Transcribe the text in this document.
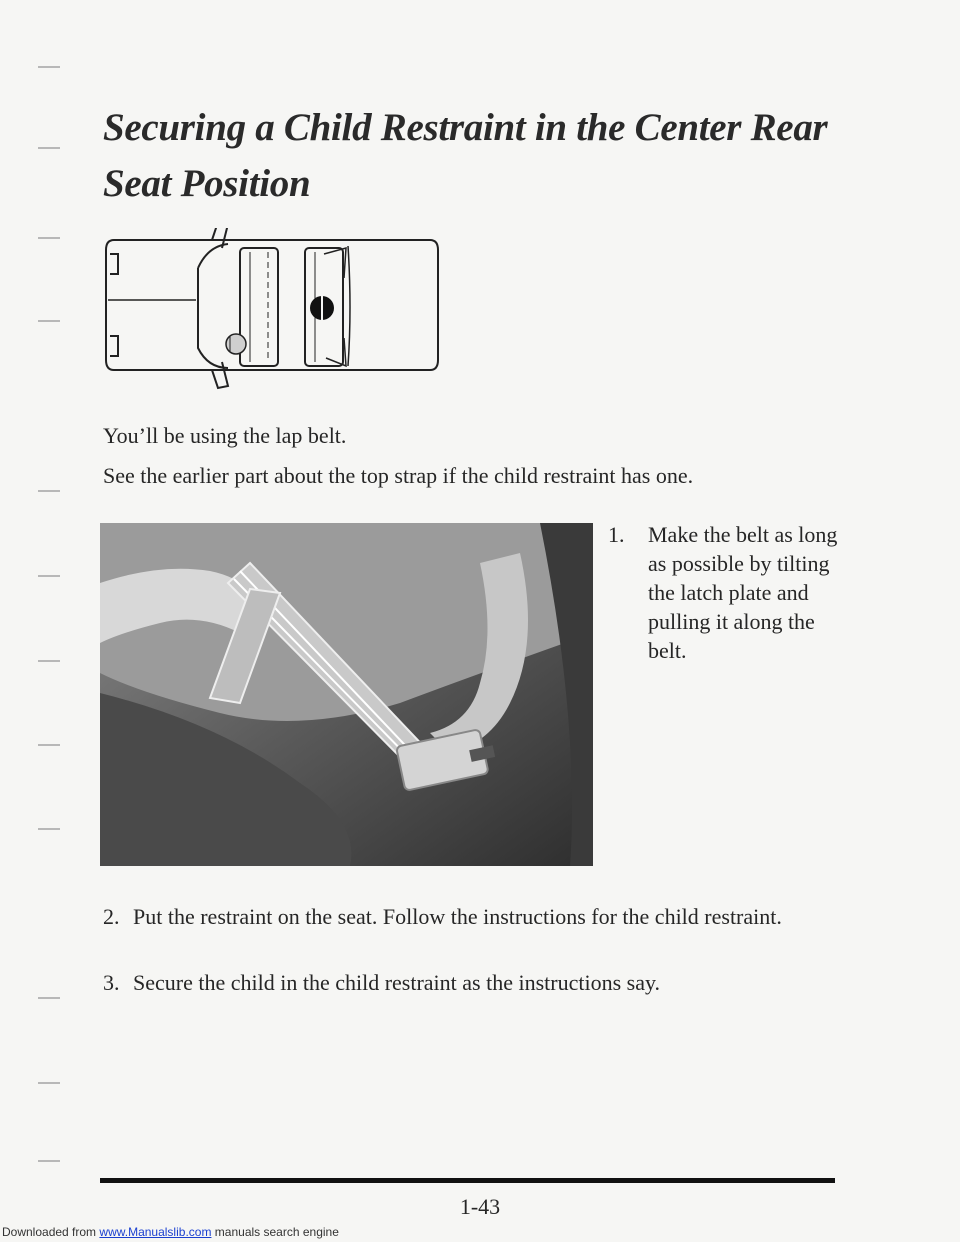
Securing a Child Restraint in the Center Rear Seat Position

You’ll be using the lap belt.

See the earlier part about the top strap if the child restraint has one.

1. Make the belt as long as possible by tilting the latch plate and pulling it along the belt.
2. Put the restraint on the seat. Follow the instructions for the child restraint.
3. Secure the child in the child restraint as the instructions say.
1-43
Downloaded from www.Manualslib.com manuals search engine
